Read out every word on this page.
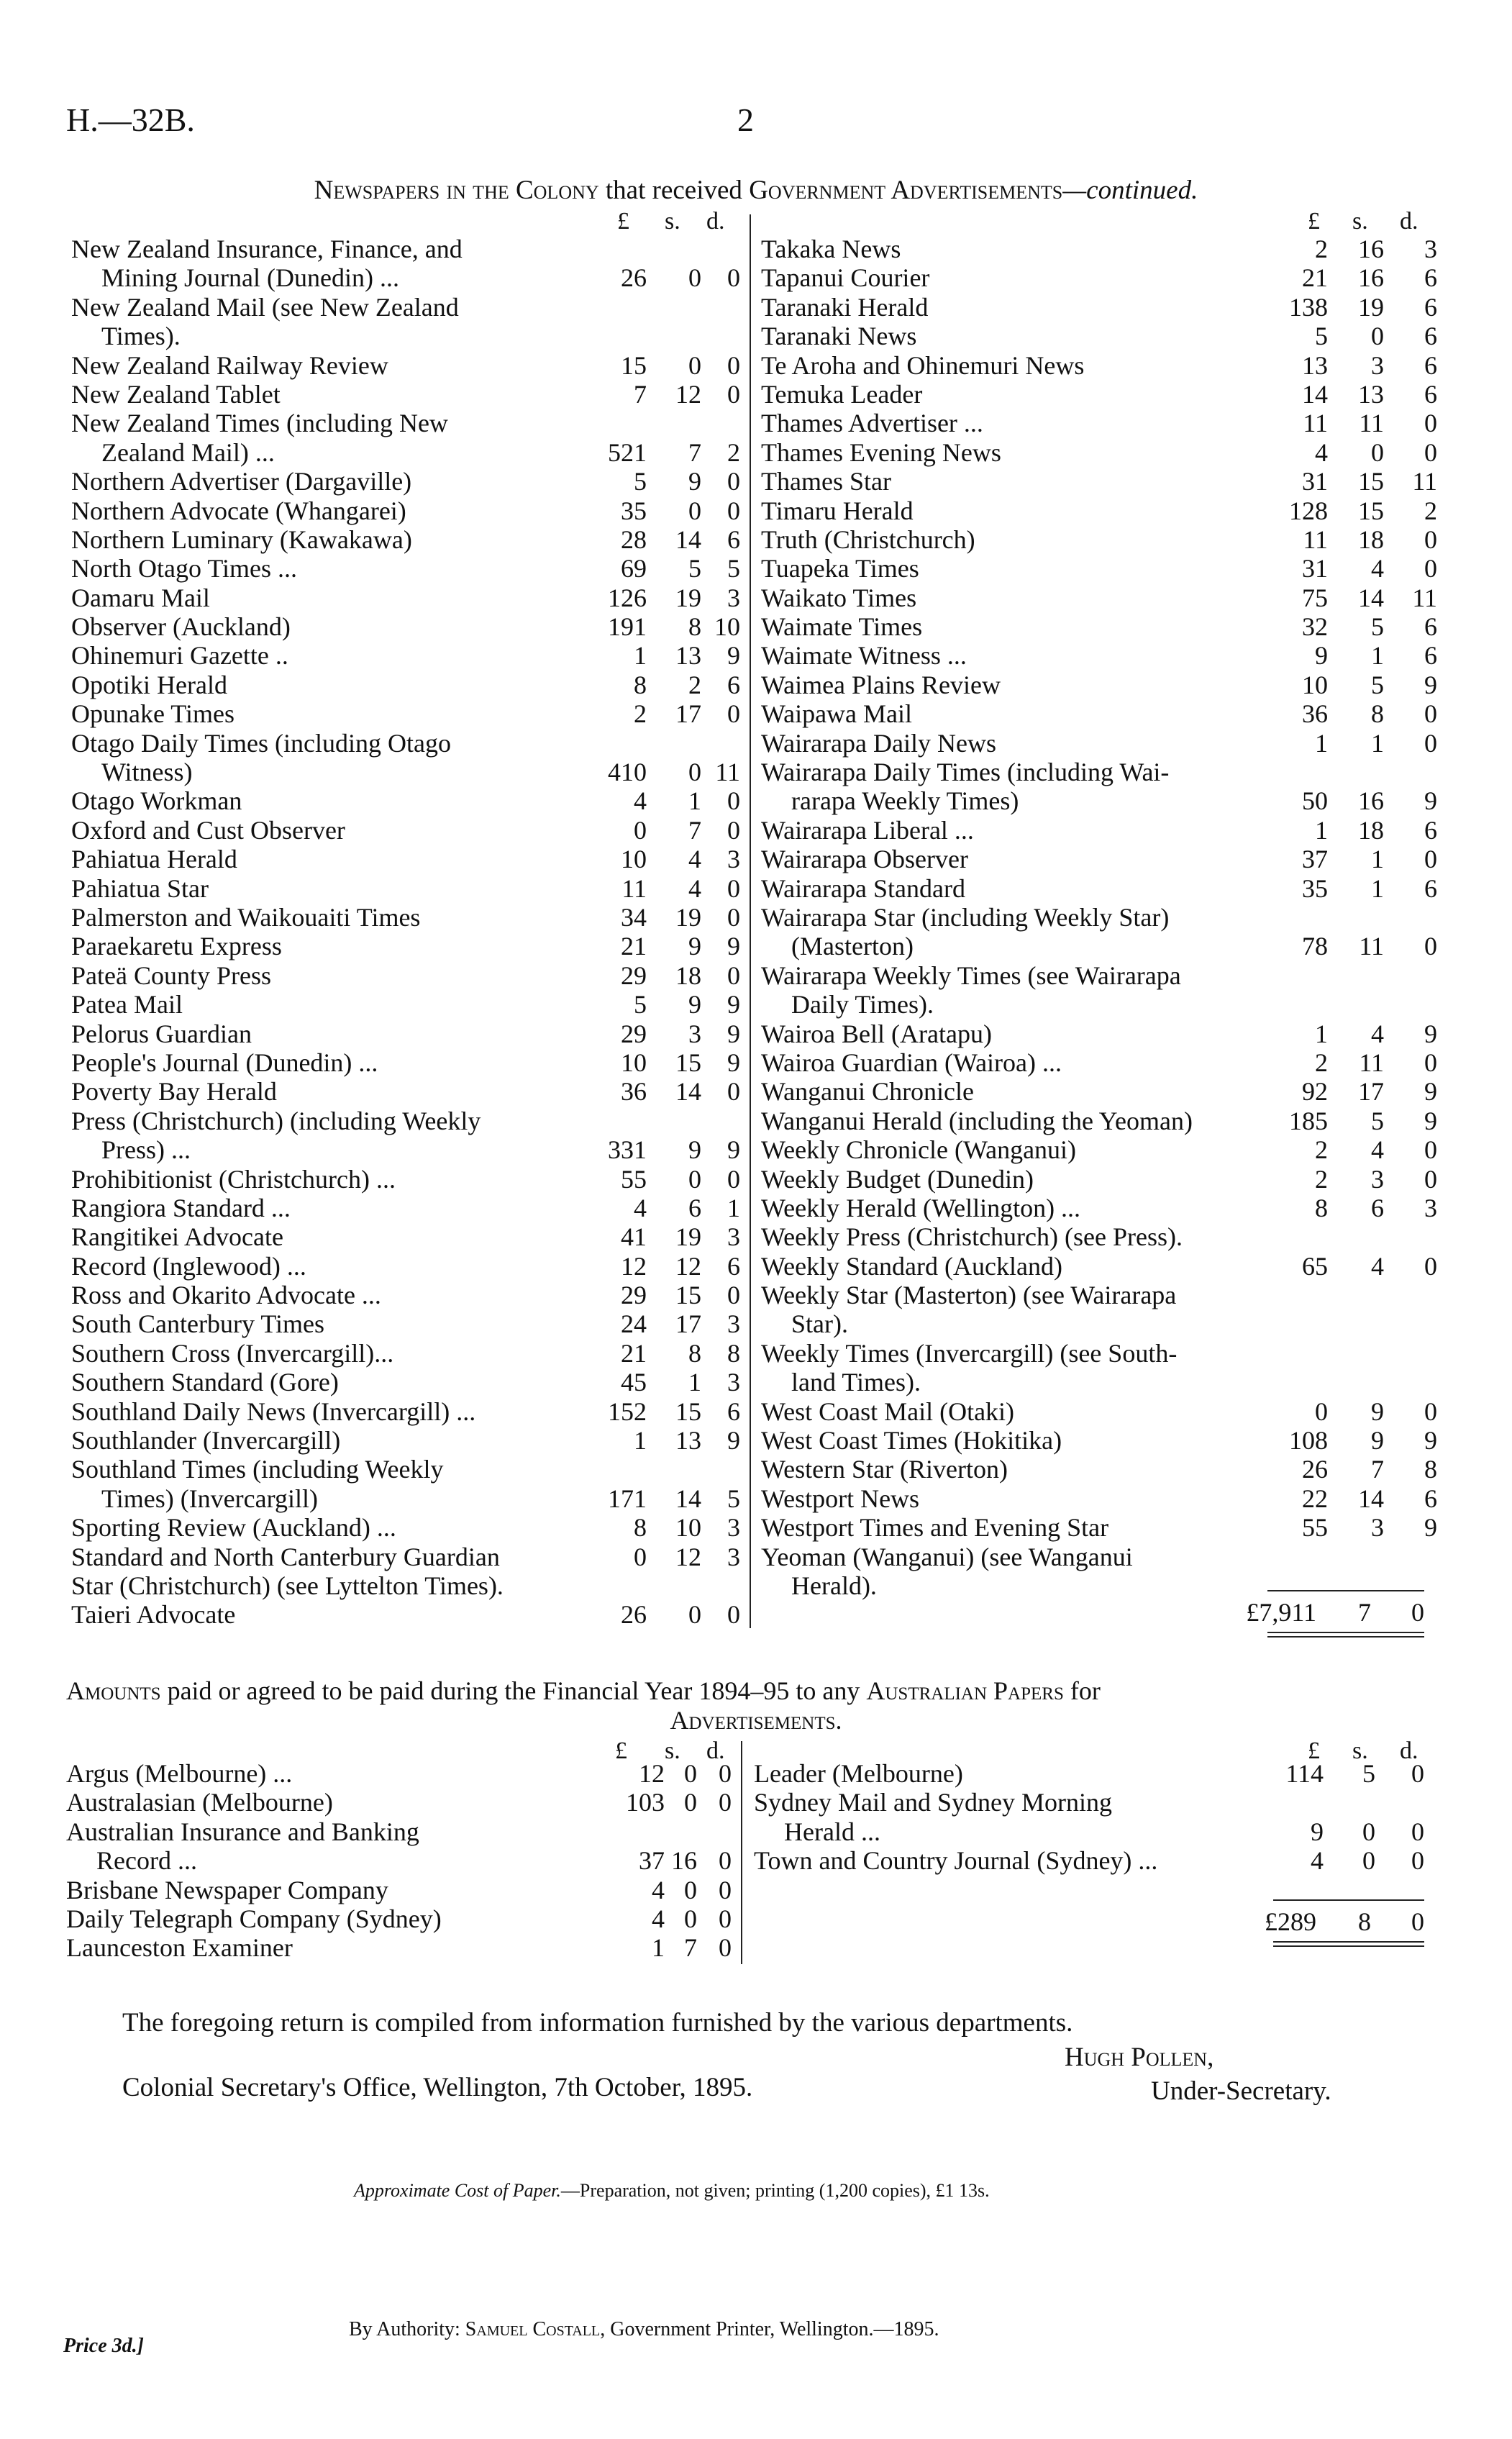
H.—32B.	2
Newspapers in the Colony that received Government Advertisements—continued.
£ s. d.	£ s. d.
New Zealand Insurance, Finance, and
Mining Journal (Dunedin) ...	26 0 0
New Zealand Mail (see New Zealand
Times).
New Zealand Railway Review	15 0 0
New Zealand Tablet	7 12 0
New Zealand Times (including New
Zealand Mail) ...	521 7 2
Northern Advertiser (Dargaville)	5 9 0
Northern Advocate (Whangarei)	35 0 0
Northern Luminary (Kawakawa)	28 14 6
North Otago Times ...	69 5 5
Oamaru Mail	126 19 3
Observer (Auckland)	191 8 10
Ohinemuri Gazette ..	1 13 9
Opotiki Herald	8 2 6
Opunake Times	2 17 0
Otago Daily Times (including Otago
Witness)	410 0 11
Otago Workman	4 1 0
Oxford and Cust Observer	0 7 0
Pahiatua Herald	10 4 3
Pahiatua Star	11 4 0
Palmerston and Waikouaiti Times	34 19 0
Paraekaretu Express	21 9 9
Pateä County Press	29 18 0
Patea Mail	5 9 9
Pelorus Guardian	29 3 9
People's Journal (Dunedin) ...	10 15 9
Poverty Bay Herald	36 14 0
Press (Christchurch) (including Weekly
Press) ...	331 9 9
Prohibitionist (Christchurch) ...	55 0 0
Rangiora Standard ...	4 6 1
Rangitikei Advocate	41 19 3
Record (Inglewood) ...	12 12 6
Ross and Okarito Advocate ...	29 15 0
South Canterbury Times	24 17 3
Southern Cross (Invercargill)...	21 8 8
Southern Standard (Gore)	45 1 3
Southland Daily News (Invercargill) ...	152 15 6
Southlander (Invercargill)	1 13 9
Southland Times (including Weekly
Times) (Invercargill)	171 14 5
Sporting Review (Auckland) ...	8 10 3
Standard and North Canterbury Guardian	0 12 3
Star (Christchurch) (see Lyttelton Times).
Taieri Advocate	26 0 0
Takaka News	2 16 3
Tapanui Courier	21 16 6
Taranaki Herald	138 19 6
Taranaki News	5 0 6
Te Aroha and Ohinemuri News	13 3 6
Temuka Leader	14 13 6
Thames Advertiser ...	11 11 0
Thames Evening News	4 0 0
Thames Star	31 15 11
Timaru Herald	128 15 2
Truth (Christchurch)	11 18 0
Tuapeka Times	31 4 0
Waikato Times	75 14 11
Waimate Times	32 5 6
Waimate Witness ...	9 1 6
Waimea Plains Review	10 5 9
Waipawa Mail	36 8 0
Wairarapa Daily News	1 1 0
Wairarapa Daily Times (including Wai-
rarapa Weekly Times)	50 16 9
Wairarapa Liberal ...	1 18 6
Wairarapa Observer	37 1 0
Wairarapa Standard	35 1 6
Wairarapa Star (including Weekly Star)
(Masterton)	78 11 0
Wairarapa Weekly Times (see Wairarapa
Daily Times).
Wairoa Bell (Aratapu)	1 4 9
Wairoa Guardian (Wairoa) ...	2 11 0
Wanganui Chronicle	92 17 9
Wanganui Herald (including the Yeoman)	185 5 9
Weekly Chronicle (Wanganui)	2 4 0
Weekly Budget (Dunedin)	2 3 0
Weekly Herald (Wellington) ...	8 6 3
Weekly Press (Christchurch) (see Press).
Weekly Standard (Auckland)	65 4 0
Weekly Star (Masterton) (see Wairarapa
Star).
Weekly Times (Invercargill) (see South-
land Times).
West Coast Mail (Otaki)	0 9 0
West Coast Times (Hokitika)	108 9 9
Western Star (Riverton)	26 7 8
Westport News	22 14 6
Westport Times and Evening Star	55 3 9
Yeoman (Wanganui) (see Wanganui
Herald).
£7,911 7 0
Amounts paid or agreed to be paid during the Financial Year 1894–95 to any Australian Papers for
Advertisements.
£ s. d.	£ s. d.
Argus (Melbourne) ...	12 0 0
Australasian (Melbourne)	103 0 0
Australian Insurance and Banking
Record ...	37 16 0
Brisbane Newspaper Company	4 0 0
Daily Telegraph Company (Sydney)	4 0 0
Launceston Examiner	1 7 0
Leader (Melbourne)	114 5 0
Sydney Mail and Sydney Morning
Herald ...	9 0 0
Town and Country Journal (Sydney) ...	4 0 0
£289 8 0
The foregoing return is compiled from information furnished by the various departments.
Hugh Pollen,
Colonial Secretary's Office, Wellington, 7th October, 1895.	Under-Secretary.
Approximate Cost of Paper.—Preparation, not given; printing (1,200 copies), £1 13s.
By Authority: Samuel Costall, Government Printer, Wellington.—1895.
Price 3d.]
